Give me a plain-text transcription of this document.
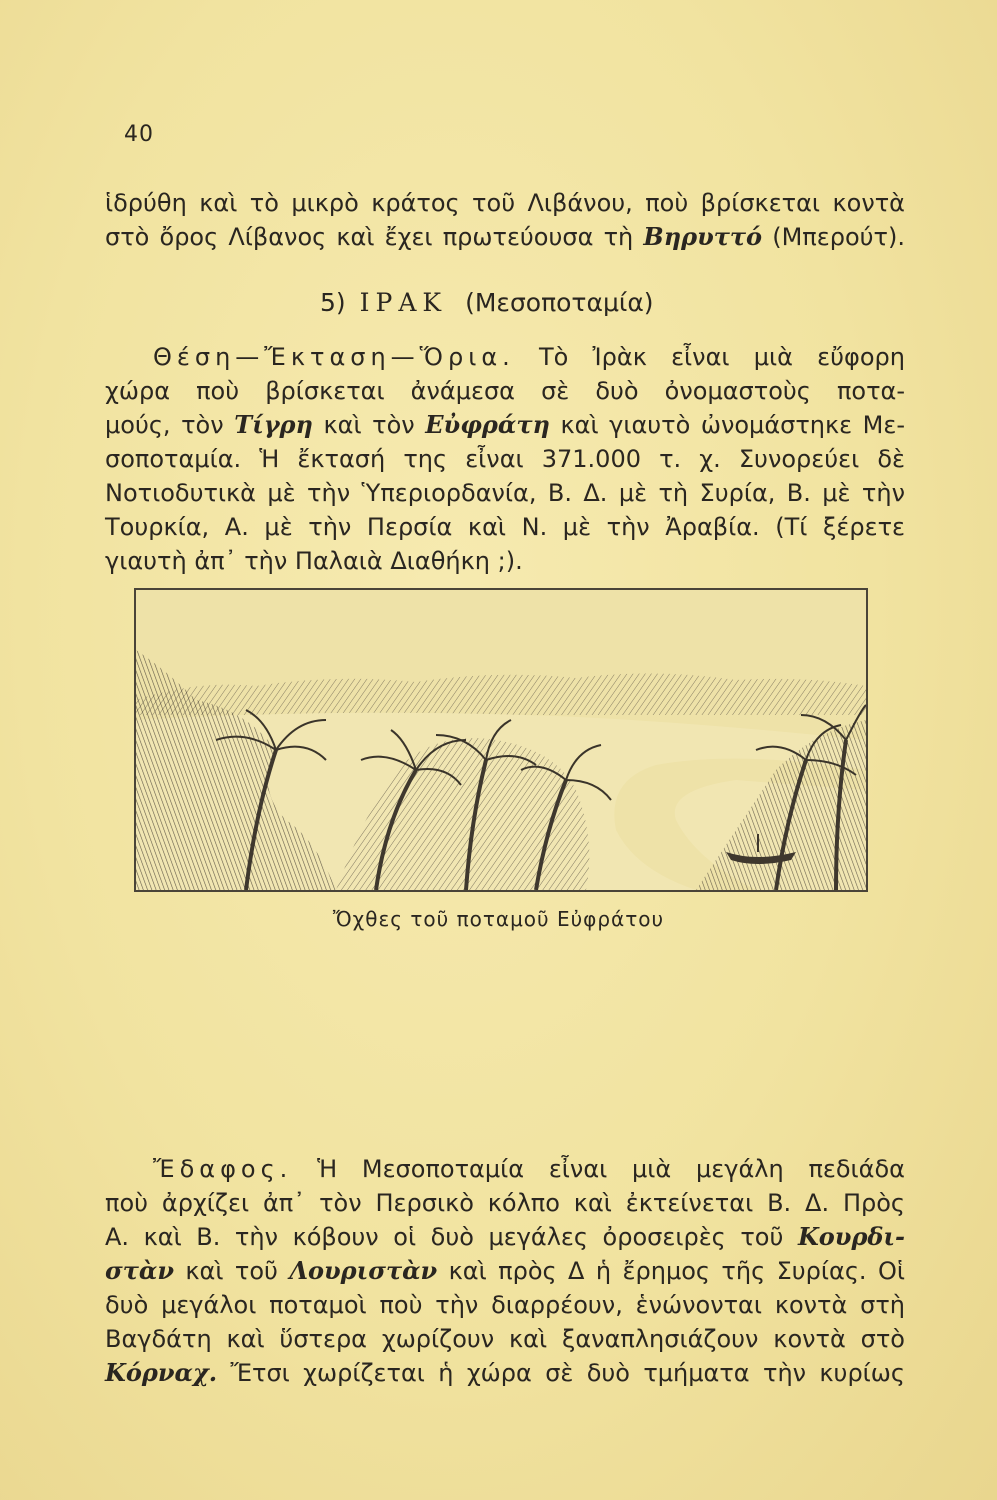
40
ἱδρύθη καὶ τὸ μικρὸ κράτος τοῦ Λιβάνου, ποὺ βρίσκεται κοντὰ
στὸ ὄρος Λίβανος καὶ ἔχει πρωτεύουσα τὴ Βηρυττό (Μπερούτ).
5) ΙΡΑΚ (Μεσοποταμία)
Θέση—Ἔκταση—Ὅρια. Τὸ Ἰρὰκ εἶναι μιὰ εὔφορη
χώρα ποὺ βρίσκεται ἀνάμεσα σὲ δυὸ ὀνομαστοὺς ποτα-
μούς, τὸν Τίγρη καὶ τὸν Εὐφράτη καὶ γιαυτὸ ὠνομάστηκε Με-
σοποταμία. Ἡ ἔκτασή της εἶναι 371.000 τ. χ. Συνορεύει δὲ
Νοτιοδυτικὰ μὲ τὴν Ὑπεριορδανία, Β. Δ. μὲ τὴ Συρία, Β. μὲ τὴν
Τουρκία, Α. μὲ τὴν Περσία καὶ Ν. μὲ τὴν Ἀραβία. (Τί ξέρετε
γιαυτὴ ἀπ᾽ τὴν Παλαιὰ Διαθήκη ;).
Ὄχθες τοῦ ποταμοῦ Εὐφράτου
Ἔδαφος. Ἡ Μεσοποταμία εἶναι μιὰ μεγάλη πεδιάδα
ποὺ ἀρχίζει ἀπ᾽ τὸν Περσικὸ κόλπο καὶ ἐκτείνεται Β. Δ. Πρὸς
Α. καὶ Β. τὴν κόβουν οἱ δυὸ μεγάλες ὀροσειρὲς τοῦ Κουρδι-
στὰν καὶ τοῦ Λουριστὰν καὶ πρὸς Δ ἡ ἔρημος τῆς Συρίας. Οἱ
δυὸ μεγάλοι ποταμοὶ ποὺ τὴν διαρρέουν, ἑνώνονται κοντὰ στὴ
Βαγδάτη καὶ ὕστερα χωρίζουν καὶ ξαναπλησιάζουν κοντὰ στὸ
Κόρναχ. Ἔτσι χωρίζεται ἡ χώρα σὲ δυὸ τμήματα τὴν κυρίως
